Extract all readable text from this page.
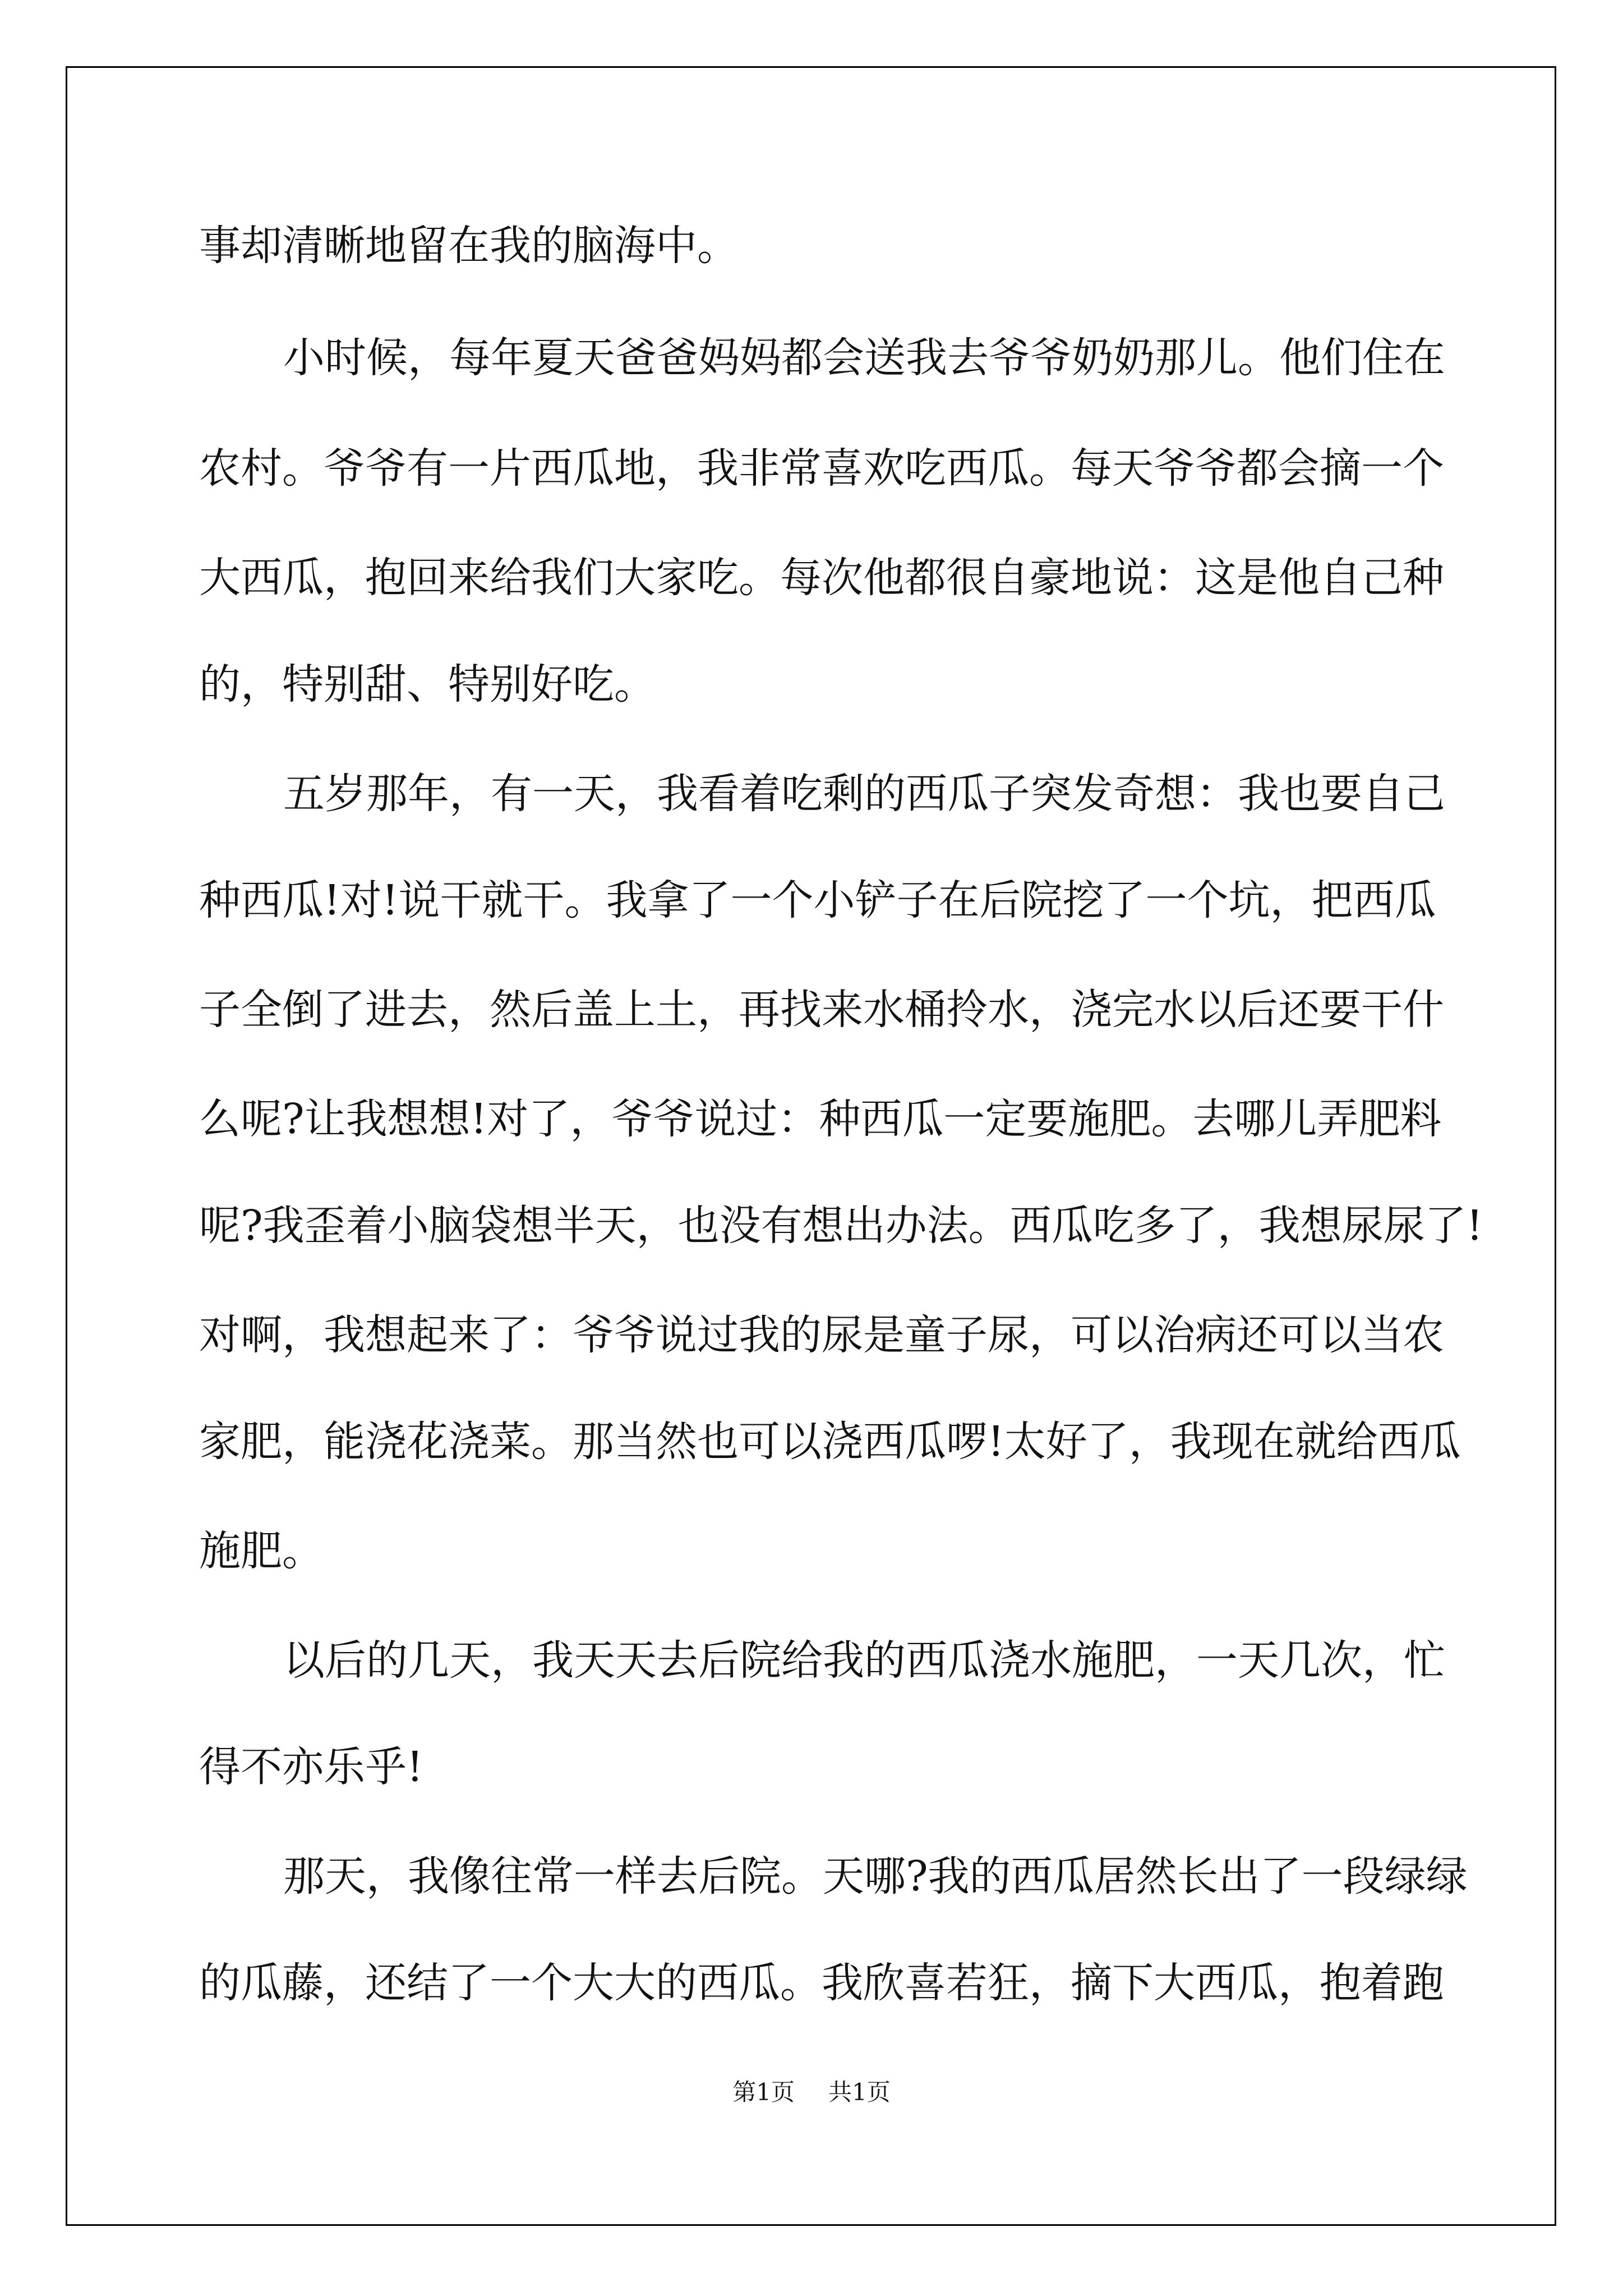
事却清晰地留在我的脑海中。
小时候，每年夏天爸爸妈妈都会送我去爷爷奶奶那儿。他们住在
农村。爷爷有一片西瓜地，我非常喜欢吃西瓜。每天爷爷都会摘一个
大西瓜，抱回来给我们大家吃。每次他都很自豪地说：这是他自己种
的，特别甜、特别好吃。
五岁那年，有一天，我看着吃剩的西瓜子突发奇想：我也要自己
种西瓜!对!说干就干。我拿了一个小铲子在后院挖了一个坑，把西瓜
子全倒了进去，然后盖上土，再找来水桶拎水，浇完水以后还要干什
么呢?让我想想!对了，爷爷说过：种西瓜一定要施肥。去哪儿弄肥料
呢?我歪着小脑袋想半天，也没有想出办法。西瓜吃多了，我想尿尿了!
对啊，我想起来了：爷爷说过我的尿是童子尿，可以治病还可以当农
家肥，能浇花浇菜。那当然也可以浇西瓜啰!太好了，我现在就给西瓜
施肥。
以后的几天，我天天去后院给我的西瓜浇水施肥，一天几次，忙
得不亦乐乎!
那天，我像往常一样去后院。天哪?我的西瓜居然长出了一段绿绿
的瓜藤，还结了一个大大的西瓜。我欣喜若狂，摘下大西瓜，抱着跑
第1页 共1页
